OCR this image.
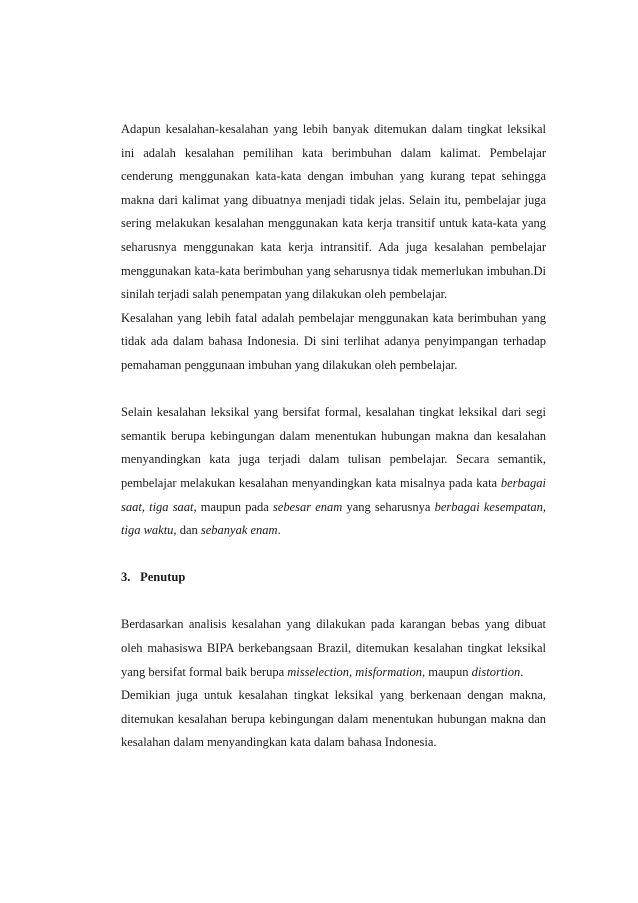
Adapun kesalahan-kesalahan yang lebih banyak ditemukan dalam tingkat leksikal ini adalah kesalahan pemilihan kata berimbuhan dalam kalimat. Pembelajar cenderung menggunakan kata-kata dengan imbuhan yang kurang tepat sehingga makna dari kalimat yang dibuatnya menjadi tidak jelas. Selain itu, pembelajar juga sering melakukan kesalahan menggunakan kata kerja transitif untuk kata-kata yang seharusnya menggunakan kata kerja intransitif. Ada juga kesalahan pembelajar menggunakan kata-kata berimbuhan yang seharusnya tidak memerlukan imbuhan.Di sinilah terjadi salah penempatan yang dilakukan oleh pembelajar.

Kesalahan yang lebih fatal adalah pembelajar menggunakan kata berimbuhan yang tidak ada dalam bahasa Indonesia. Di sini terlihat adanya penyimpangan terhadap pemahaman penggunaan imbuhan yang dilakukan oleh pembelajar.

Selain kesalahan leksikal yang bersifat formal, kesalahan tingkat leksikal dari segi semantik berupa kebingungan dalam menentukan hubungan makna dan kesalahan menyandingkan kata juga terjadi dalam tulisan pembelajar. Secara semantik, pembelajar melakukan kesalahan menyandingkan kata misalnya pada kata berbagai saat, tiga saat, maupun pada sebesar enam yang seharusnya berbagai kesempatan, tiga waktu, dan sebanyak enam.

3. Penutup

Berdasarkan analisis kesalahan yang dilakukan pada karangan bebas yang dibuat oleh mahasiswa BIPA berkebangsaan Brazil, ditemukan kesalahan tingkat leksikal yang bersifat formal baik berupa misselection, misformation, maupun distortion.

Demikian juga untuk kesalahan tingkat leksikal yang berkenaan dengan makna, ditemukan kesalahan berupa kebingungan dalam menentukan hubungan makna dan kesalahan dalam menyandingkan kata dalam bahasa Indonesia.
